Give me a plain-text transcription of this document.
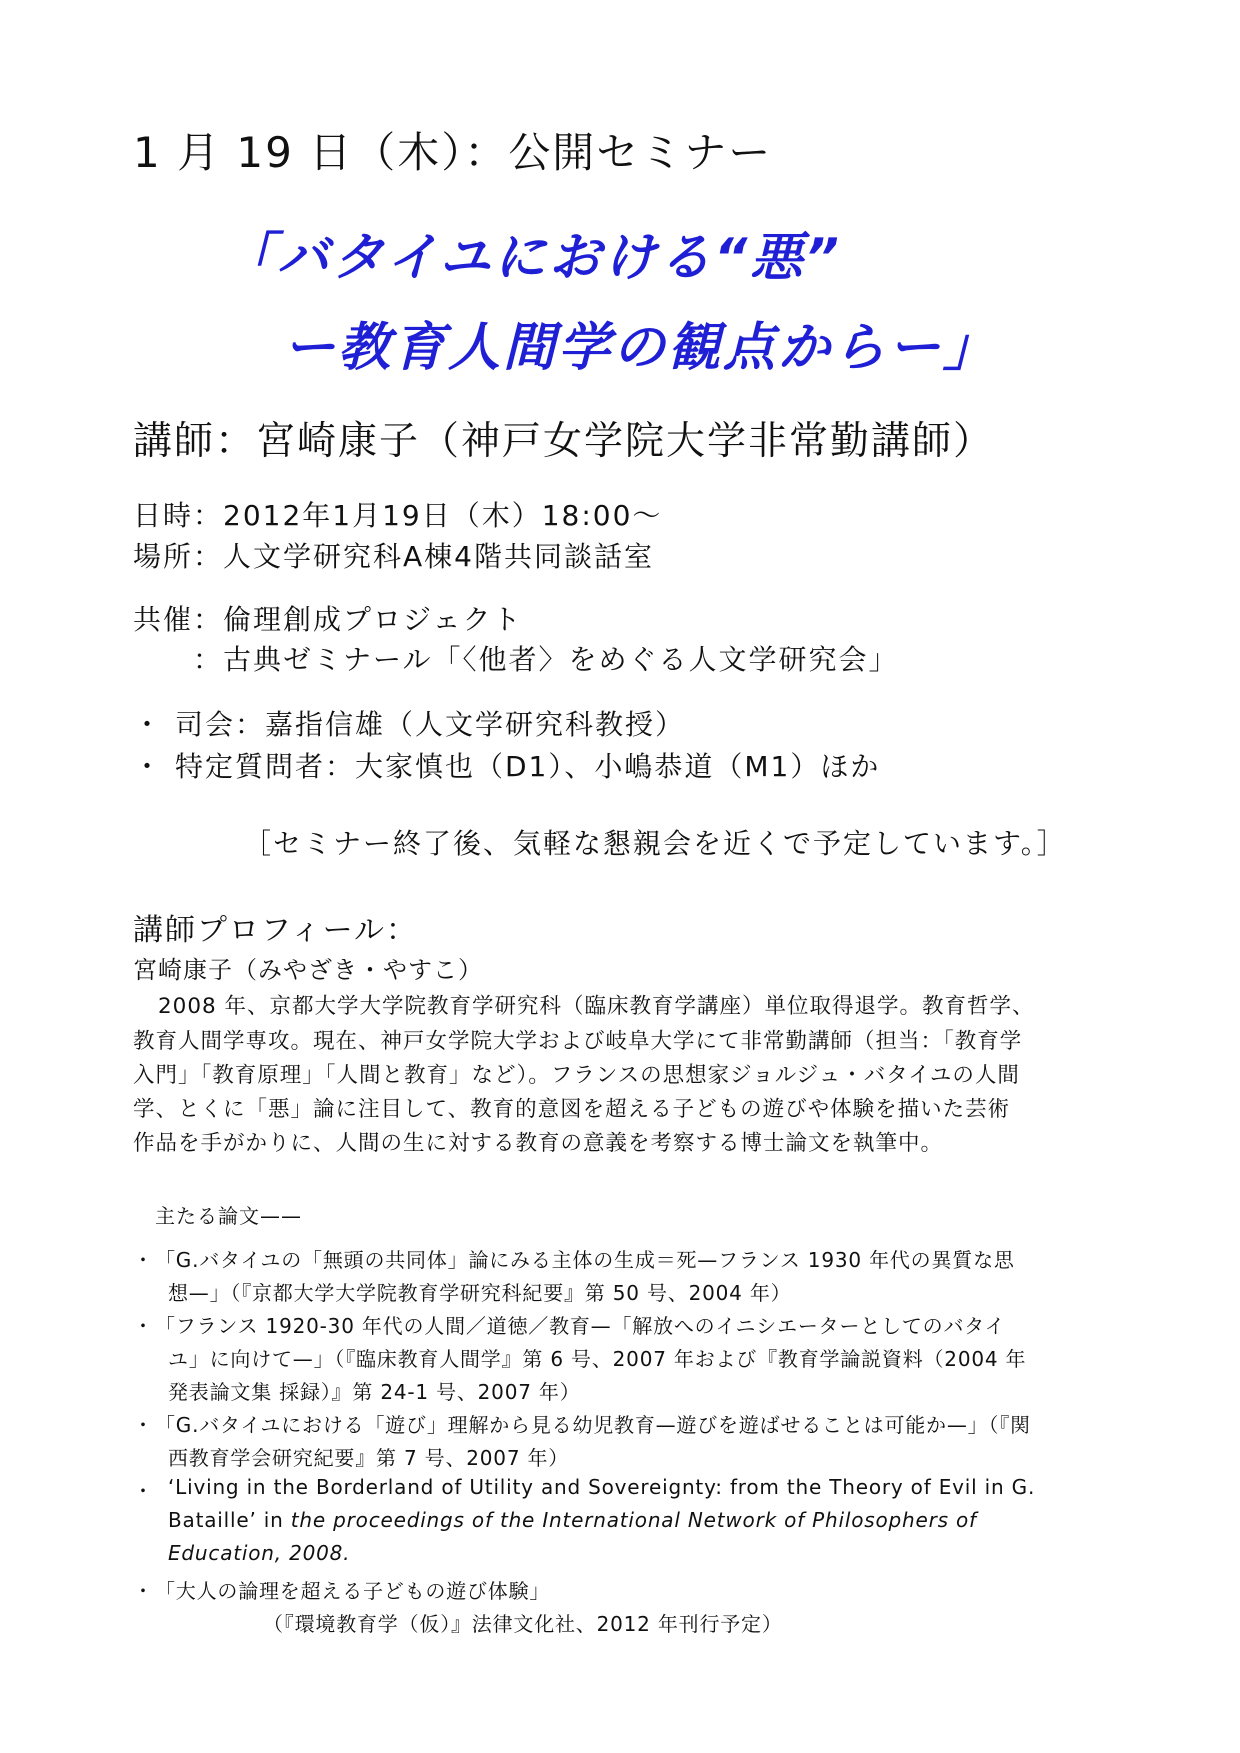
1 月 19 日（木）：公開セミナー
「バタイユにおける“悪”
ー教育人間学の観点からー」
講師：宮崎康子（神戸女学院大学非常勤講師）
日時：2012年1月19日（木）18:00〜
場所：人文学研究科A棟4階共同談話室
共催：倫理創成プロジェクト
：古典ゼミナール「〈他者〉をめぐる人文学研究会」
・ 司会：嘉指信雄（人文学研究科教授）
・ 特定質問者：大家慎也（D1）、小嶋恭道（M1）ほか
［セミナー終了後、気軽な懇親会を近くで予定しています。］
講師プロフィール：
宮崎康子（みやざき・やすこ）
2008 年、京都大学大学院教育学研究科（臨床教育学講座）単位取得退学。教育哲学、
教育人間学専攻。現在、神戸女学院大学および岐阜大学にて非常勤講師（担当：「教育学
入門」「教育原理」「人間と教育」など）。フランスの思想家ジョルジュ・バタイユの人間
学、とくに「悪」論に注目して、教育的意図を超える子どもの遊びや体験を描いた芸術
作品を手がかりに、人間の生に対する教育の意義を考察する博士論文を執筆中。
主たる論文——
・ 「G.バタイユの「無頭の共同体」論にみる主体の生成＝死—フランス 1930 年代の異質な思
想—」（『京都大学大学院教育学研究科紀要』第 50 号、2004 年）
・ 「フランス 1920-30 年代の人間／道徳／教育—「解放へのイニシエーターとしてのバタイ
ユ」に向けて—」（『臨床教育人間学』第 6 号、2007 年および『教育学論説資料（2004 年
発表論文集 採録）』第 24-1 号、2007 年）
・ 「G.バタイユにおける「遊び」理解から見る幼児教育—遊びを遊ばせることは可能か—」（『関
西教育学会研究紀要』第 7 号、2007 年）
・ ‘Living in the Borderland of Utility and Sovereignty: from the Theory of Evil in G.
Bataille’ in the proceedings of the International Network of Philosophers of
Education, 2008.
・ 「大人の論理を超える子どもの遊び体験」
（『環境教育学（仮）』法律文化社、2012 年刊行予定）
